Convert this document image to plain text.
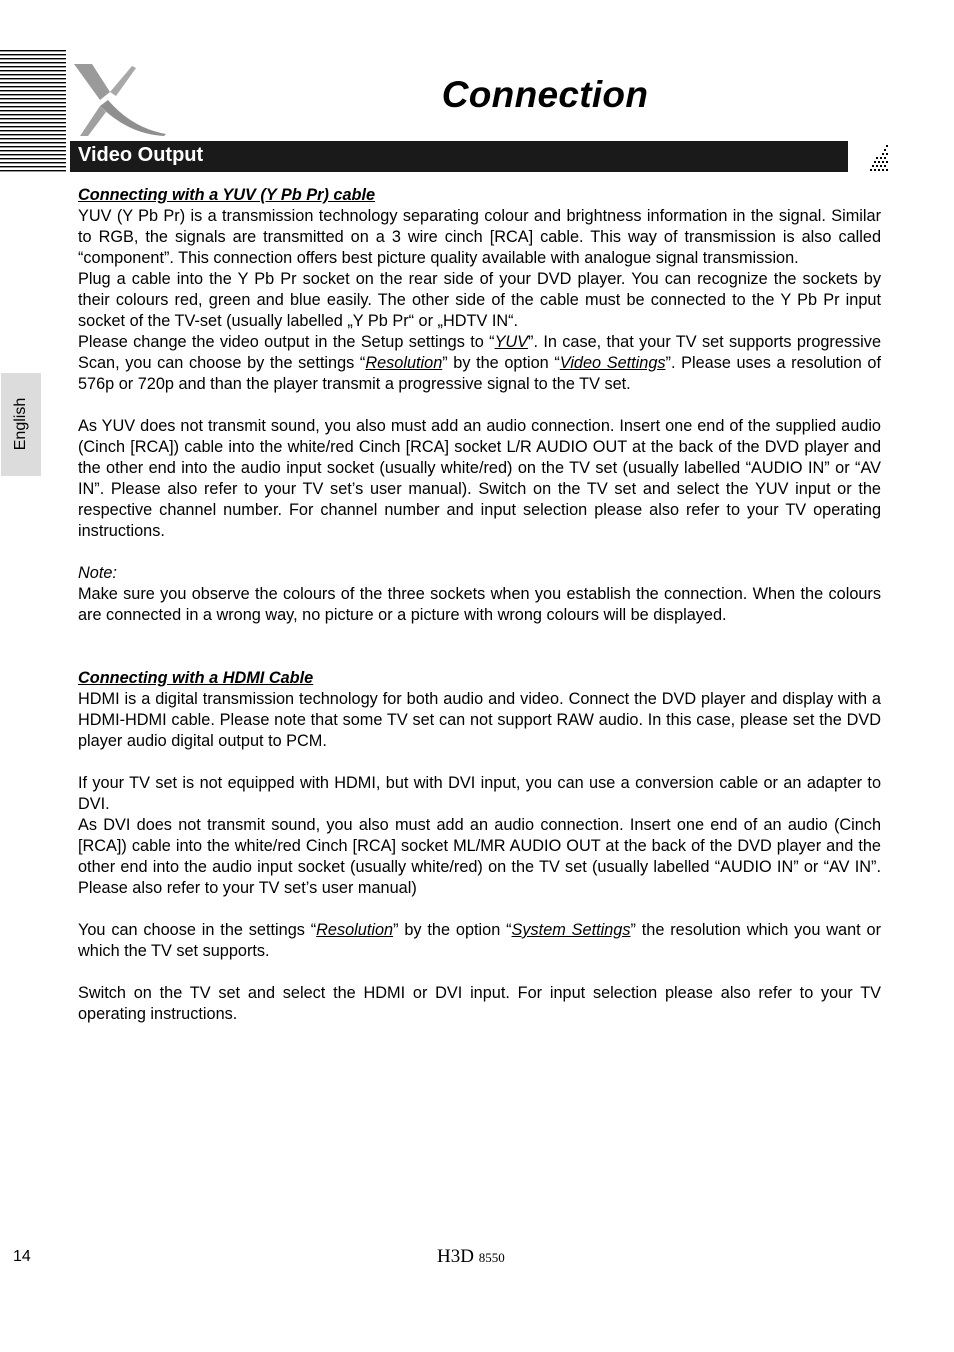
Connection
Video Output
English

Connecting with a YUV (Y Pb Pr) cable

YUV (Y Pb Pr) is a transmission technology separating colour and brightness information in the signal. Similar to RGB, the signals are transmitted on a 3 wire cinch [RCA] cable. This way of transmission is also called “component”. This connection offers best picture quality available with analogue signal transmission.

Plug a cable into the Y Pb Pr socket on the rear side of your DVD player. You can recognize the sockets by their colours red, green and blue easily. The other side of the cable must be connected to the Y Pb Pr input socket of the TV-set (usually labelled „Y Pb Pr“ or „HDTV IN“.

Please change the video output in the Setup settings to “YUV”. In case, that your TV set supports progressive Scan, you can choose by the settings “Resolution” by the option “Video Settings”. Please uses a resolution of 576p or 720p and than the player transmit a progressive signal to the TV set.

As YUV does not transmit sound, you also must add an audio connection. Insert one end of the supplied audio (Cinch [RCA]) cable into the white/red Cinch [RCA] socket L/R AUDIO OUT at the back of the DVD player and the other end into the audio input socket (usually white/red) on the TV set (usually labelled “AUDIO IN” or “AV IN”. Please also refer to your TV set’s user manual). Switch on the TV set and select the YUV input or the respective channel number. For channel number and input selection please also refer to your TV operating instructions.

Note:

Make sure you observe the colours of the three sockets when you establish the connection. When the colours are connected in a wrong way, no picture or a picture with wrong colours will be displayed.

Connecting with a HDMI Cable

HDMI is a digital transmission technology for both audio and video. Connect the DVD player and display with a HDMI-HDMI cable. Please note that some TV set can not support RAW audio. In this case, please set the DVD player audio digital output to PCM.

If your TV set is not equipped with HDMI, but with DVI input, you can use a conversion cable or an adapter to DVI.

As DVI does not transmit sound, you also must add an audio connection. Insert one end of an audio (Cinch [RCA]) cable into the white/red Cinch [RCA] socket ML/MR AUDIO OUT at the back of the DVD player and the other end into the audio input socket (usually white/red) on the TV set (usually labelled “AUDIO IN” or “AV IN”. Please also refer to your TV set’s user manual)

You can choose in the settings “Resolution” by the option “System Settings” the resolution which you want or which the TV set supports.

Switch on the TV set and select the HDMI or DVI input. For input selection please also refer to your TV operating instructions.

14	H3D 8550
